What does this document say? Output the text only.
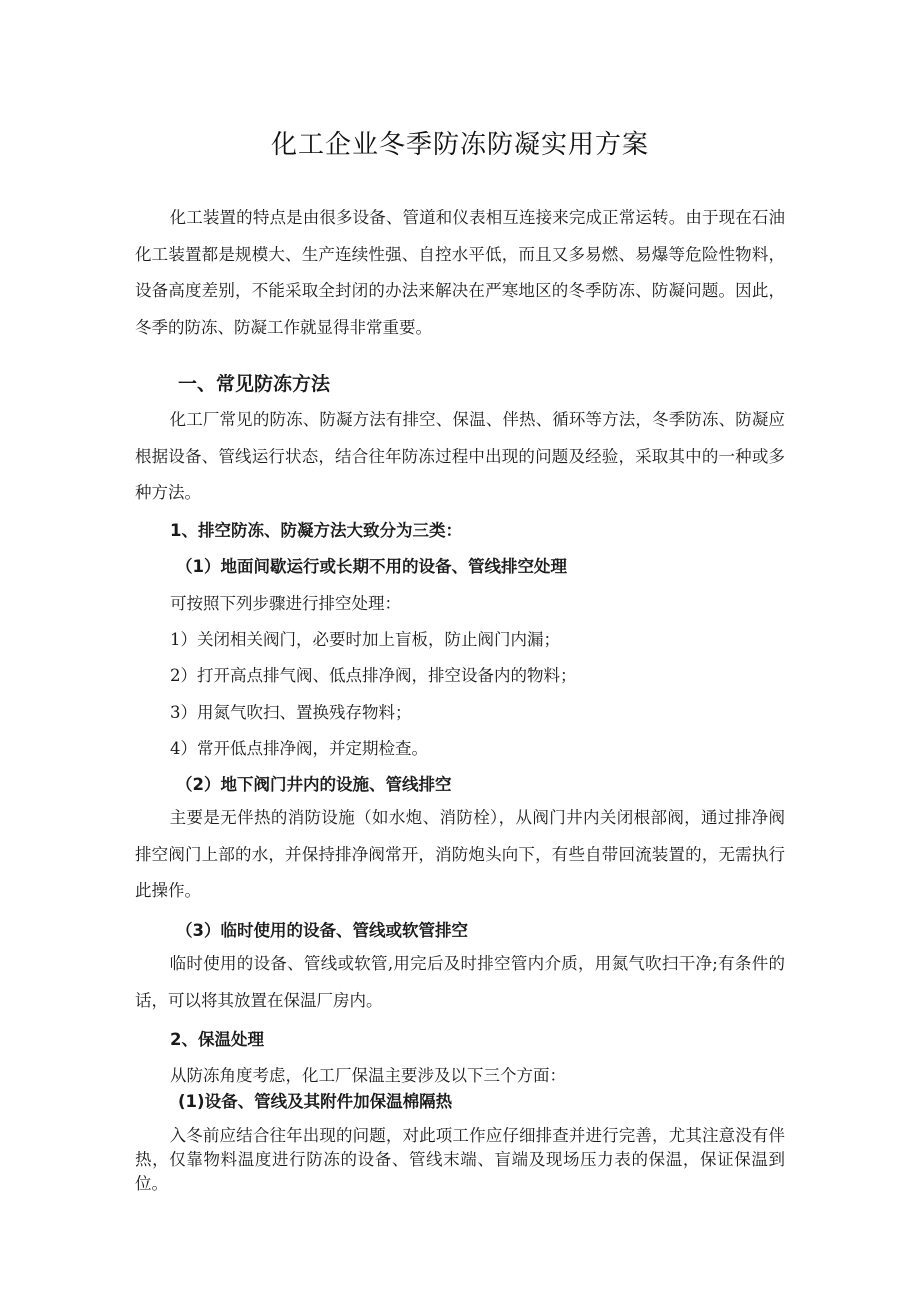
化工企业冬季防冻防凝实用方案

化工装置的特点是由很多设备、管道和仪表相互连接来完成正常运转。由于现在石油化工装置都是规模大、生产连续性强、自控水平低，而且又多易燃、易爆等危险性物料，设备高度差别，不能采取全封闭的办法来解决在严寒地区的冬季防冻、防凝问题。因此，冬季的防冻、防凝工作就显得非常重要。

一、常见防冻方法

化工厂常见的防冻、防凝方法有排空、保温、伴热、循环等方法，冬季防冻、防凝应根据设备、管线运行状态，结合往年防冻过程中出现的问题及经验，采取其中的一种或多种方法。

1、排空防冻、防凝方法大致分为三类：
（1）地面间歇运行或长期不用的设备、管线排空处理
可按照下列步骤进行排空处理：
1）关闭相关阀门，必要时加上盲板，防止阀门内漏；
2）打开高点排气阀、低点排净阀，排空设备内的物料；
3）用氮气吹扫、置换残存物料；
4）常开低点排净阀，并定期检查。
（2）地下阀门井内的设施、管线排空

主要是无伴热的消防设施（如水炮、消防栓），从阀门井内关闭根部阀，通过排净阀排空阀门上部的水，并保持排净阀常开，消防炮头向下，有些自带回流装置的，无需执行此操作。

（3）临时使用的设备、管线或软管排空

临时使用的设备、管线或软管,用完后及时排空管内介质，用氮气吹扫干净;有条件的话，可以将其放置在保温厂房内。

2、保温处理
从防冻角度考虑，化工厂保温主要涉及以下三个方面：
(1)设备、管线及其附件加保温棉隔热

入冬前应结合往年出现的问题，对此项工作应仔细排查并进行完善，尤其注意没有伴热，仅靠物料温度进行防冻的设备、管线末端、盲端及现场压力表的保温，保证保温到位。
